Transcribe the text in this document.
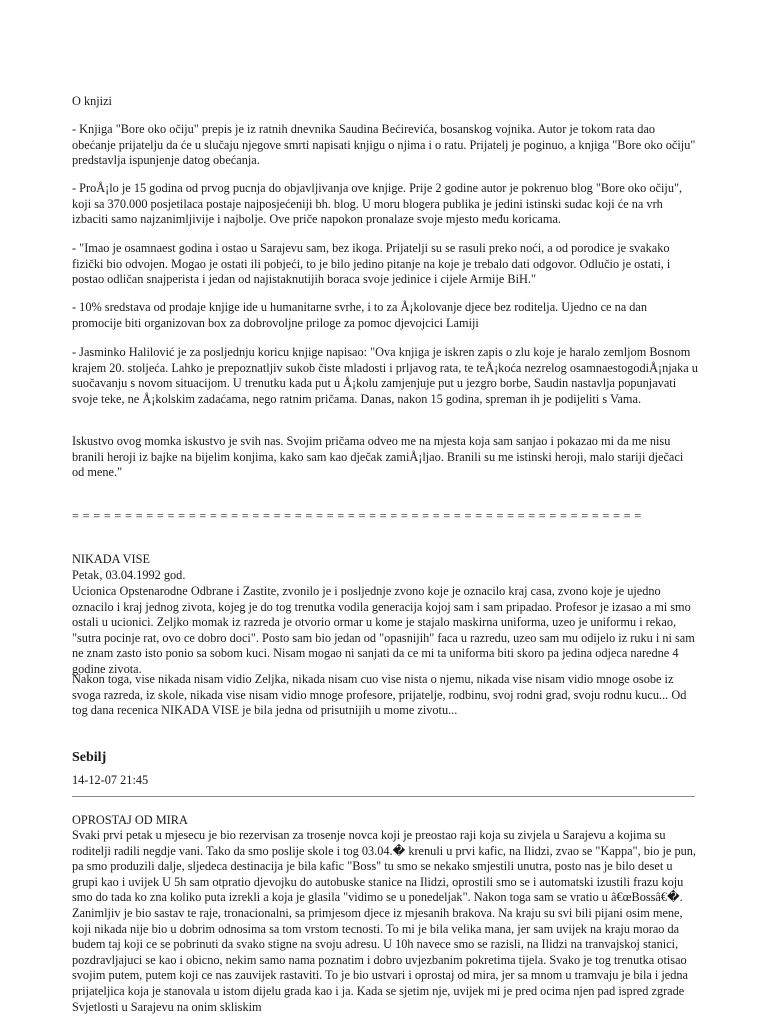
O knjizi

- Knjiga "Bore oko očiju" prepis je iz ratnih dnevnika Saudina Bećirevića, bosanskog vojnika. Autor je tokom rata dao obećanje prijatelju da će u slučaju njegove smrti napisati knjigu o njima i o ratu. Prijatelj je poginuo, a knjiga "Bore oko očiju" predstavlja ispunjenje datog obećanja.

- ProÅ¡lo je 15 godina od prvog pucnja do objavljivanja ove knjige. Prije 2 godine autor je pokrenuo blog "Bore oko očiju", koji sa 370.000 posjetilaca postaje najposjećeniji bh. blog. U moru blogera publika je jedini istinski sudac koji će na vrh izbaciti samo najzanimljivije i najbolje. Ove priče napokon pronalaze svoje mjesto među koricama.

- "Imao je osamnaest godina i ostao u Sarajevu sam, bez ikoga. Prijatelji su se rasuli preko noći, a od porodice je svakako fizički bio odvojen. Mogao je ostati ili pobjeći, to je bilo jedino pitanje na koje je trebalo dati odgovor. Odlučio je ostati, i postao odličan snajperista i jedan od najistaknutijih boraca svoje jedinice i cijele Armije BiH."

- 10% sredstava od prodaje knjige ide u humanitarne svrhe, i to za Å¡kolovanje djece bez roditelja. Ujedno ce na dan promocije biti organizovan box za dobrovoljne priloge za pomoc djevojcici Lamiji

- Jasminko Halilović je za posljednju koricu knjige napisao: "Ova knjiga je iskren zapis o zlu koje je haralo zemljom Bosnom krajem 20. stoljeća. Lahko je prepoznatljiv sukob čiste mladosti i prljavog rata, te teÅ¡koća nezrelog osamnaestogodiÅ¡njaka u suočavanju s novom situacijom. U trenutku kada put u Å¡kolu zamjenjuje put u jezgro borbe, Saudin nastavlja popunjavati svoje teke, ne Å¡kolskim zadaćama, nego ratnim pričama. Danas, nakon 15 godina, spreman ih je podijeliti s Vama.

Iskustvo ovog momka iskustvo je svih nas. Svojim pričama odveo me na mjesta koja sam sanjao i pokazao mi da me nisu branili heroji iz bajke na bijelim konjima, kako sam kao dječak zamiÅ¡ljao. Branili su me istinski heroji, malo stariji dječaci od mene."

= = = = = = = = = = = = = = = = = = = = = = = = = = = = = = = = = = = = = = = = = = = = = = = = = = = = = =
NIKADA VISE
Petak, 03.04.1992 god.

Ucionica Opstenarodne Odbrane i Zastite, zvonilo je i posljednje zvono koje je oznacilo kraj casa, zvono koje je ujedno oznacilo i kraj jednog zivota, kojeg je do tog trenutka vodila generacija kojoj sam i sam pripadao. Profesor je izasao a mi smo ostali u ucionici. Zeljko momak iz razreda je otvorio ormar u kome je stajalo maskirna uniforma, uzeo je uniformu i rekao, "sutra pocinje rat, ovo ce dobro doci". Posto sam bio jedan od "opasnijih" faca u razredu, uzeo sam mu odijelo iz ruku i ni sam ne znam zasto isto ponio sa sobom kuci. Nisam mogao ni sanjati da ce mi ta uniforma biti skoro pa jedina odjeca naredne 4 godine zivota.

Nakon toga, vise nikada nisam vidio Zeljka, nikada nisam cuo vise nista o njemu, nikada vise nisam vidio mnoge osobe iz svoga razreda, iz skole, nikada vise nisam vidio mnoge profesore, prijatelje, rodbinu, svoj rodni grad, svoju rodnu kucu... Od tog dana recenica NIKADA VISE je bila jedna od prisutnijih u mome zivotu...

Sebilj
14-12-07 21:45
OPROSTAJ OD MIRA

Svaki prvi petak u mjesecu je bio rezervisan za trosenje novca koji je preostao raji koja su zivjela u Sarajevu a kojima su roditelji radili negdje vani. Tako da smo poslije skole i tog 03.04.� krenuli u prvi kafic, na Ilidzi, zvao se "Kappa", bio je pun, pa smo produzili dalje, sljedeca destinacija je bila kafic "Boss" tu smo se nekako smjestili unutra, posto nas je bilo deset u grupi kao i uvijek U 5h sam otpratio djevojku do autobuske stanice na Ilidzi, oprostili smo se i automatski izustili frazu koju smo do tada ko zna koliko puta izrekli a koja je glasila "vidimo se u ponedeljak". Nakon toga sam se vratio u â€œBossâ€�. Zanimljiv je bio sastav te raje, tronacionalni, sa primjesom djece iz mjesanih brakova. Na kraju su svi bili pijani osim mene, koji nikada nije bio u dobrim odnosima sa tom vrstom tecnosti. To mi je bila velika mana, jer sam uvijek na kraju morao da budem taj koji ce se pobrinuti da svako stigne na svoju adresu. U 10h navece smo se razisli, na Ilidzi na tranvajskoj stanici, pozdravljajuci se kao i obicno, nekim samo nama poznatim i dobro uvjezbanim pokretima tijela. Svako je tog trenutka otisao svojim putem, putem koji ce nas zauvijek rastaviti. To je bio ustvari i oprostaj od mira, jer sa mnom u tramvaju je bila i jedna prijateljica koja je stanovala u istom dijelu grada kao i ja. Kada se sjetim nje, uvijek mi je pred ocima njen pad ispred zgrade Svjetlosti u Sarajevu na onim skliskim
